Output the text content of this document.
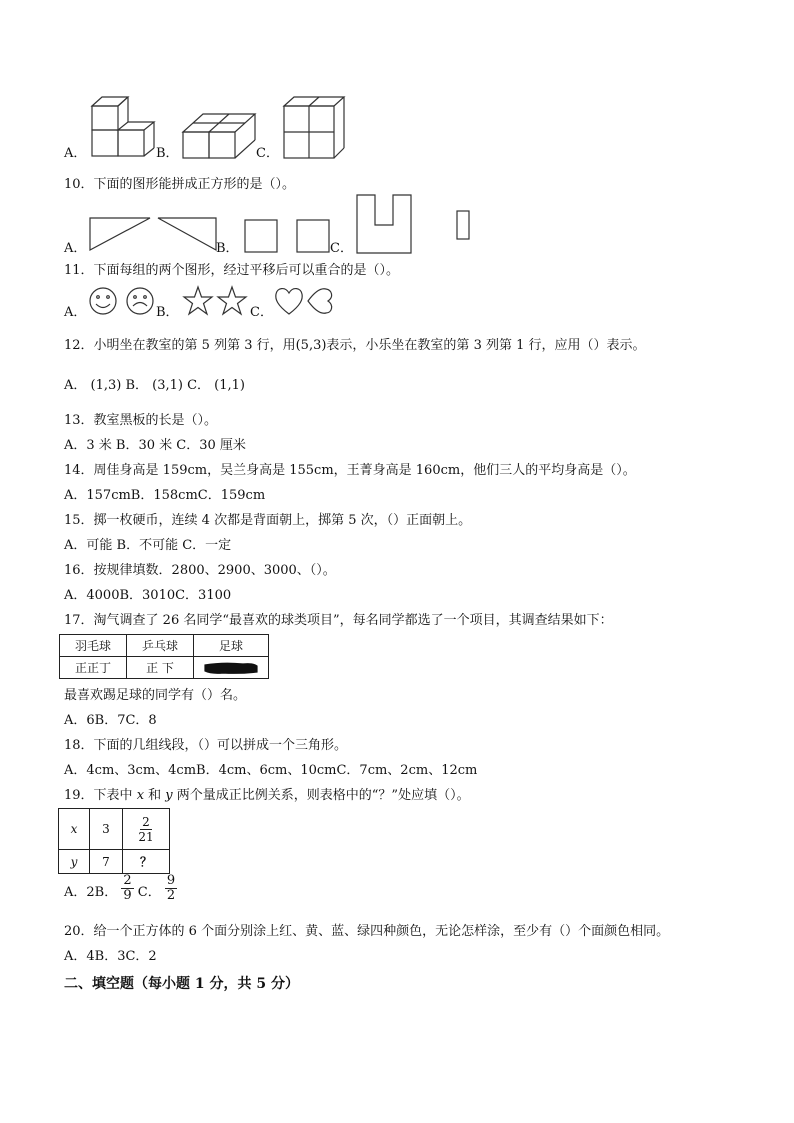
A．	B．	C．
10．下面的图形能拼成正方形的是（）。
A．	B．	C．
11．下面每组的两个图形，经过平移后可以重合的是（）。
A．	B．	C．
12．小明坐在教室的第 5 列第 3 行，用(5,3)表示，小乐坐在教室的第 3 列第 1 行，应用（）表示。
A． (1,3) B． (3,1) C． (1,1)
13．教室黑板的长是（）。
A．3 米 B．30 米 C．30 厘米
14．周佳身高是 159cm，吴兰身高是 155cm，王菁身高是 160cm，他们三人的平均身高是（）。
A．157cmB．158cmC．159cm
15．掷一枚硬币，连续 4 次都是背面朝上，掷第 5 次，（）正面朝上。
A．可能 B．不可能 C．一定
16．按规律填数．2800、2900、3000、（）。
A．4000B．3010C．3100
17．淘气调查了 26 名同学“最喜欢的球类项目”，每名同学都选了一个项目，其调查结果如下：
羽毛球	乒乓球	足球
正正丁	正 下	
最喜欢踢足球的同学有（）名。
A．6B．7C．8
18．下面的几组线段，（）可以拼成一个三角形。
A．4cm、3cm、4cmB．4cm、6cm、10cmC．7cm、2cm、12cm
19．下表中 x 和 y 两个量成正比例关系，则表格中的“？”处应填（）。
x	3	$\frac{2}{21}$

y	7	？
A．2B． $\frac{2}{9}$ C． $\frac{9}{2}$
20．给一个正方体的 6 个面分别涂上红、黄、蓝、绿四种颜色，无论怎样涂，至少有（）个面颜色相同。
A．4B．3C．2
二、填空题（每小题 1 分，共 5 分）
